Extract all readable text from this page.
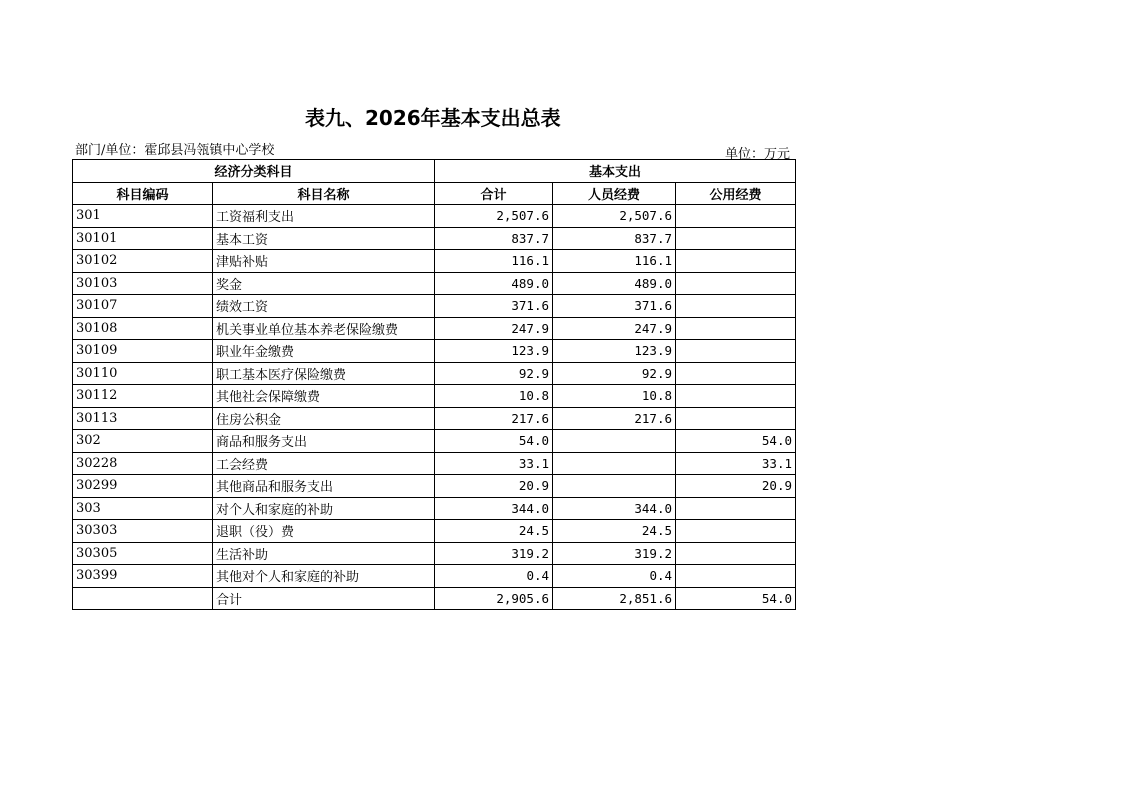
表九、2026年基本支出总表
部门/单位：霍邱县冯瓴镇中心学校	单位：万元
经济分类科目		基本支出		
科目编码	科目名称	合计	人员经费	公用经费
301	工资福利支出	2,507.6	2,507.6	
30101	基本工资	837.7	837.7	
30102	津贴补贴	116.1	116.1	
30103	奖金	489.0	489.0	
30107	绩效工资	371.6	371.6	
30108	机关事业单位基本养老保险缴费	247.9	247.9	
30109	职业年金缴费	123.9	123.9	
30110	职工基本医疗保险缴费	92.9	92.9	
30112	其他社会保障缴费	10.8	10.8	
30113	住房公积金	217.6	217.6	
302	商品和服务支出	54.0		54.0
30228	工会经费	33.1		33.1
30299	其他商品和服务支出	20.9		20.9
303	对个人和家庭的补助	344.0	344.0	
30303	退职（役）费	24.5	24.5	
30305	生活补助	319.2	319.2	
30399	其他对个人和家庭的补助	0.4	0.4	
	合计	2,905.6	2,851.6	54.0
